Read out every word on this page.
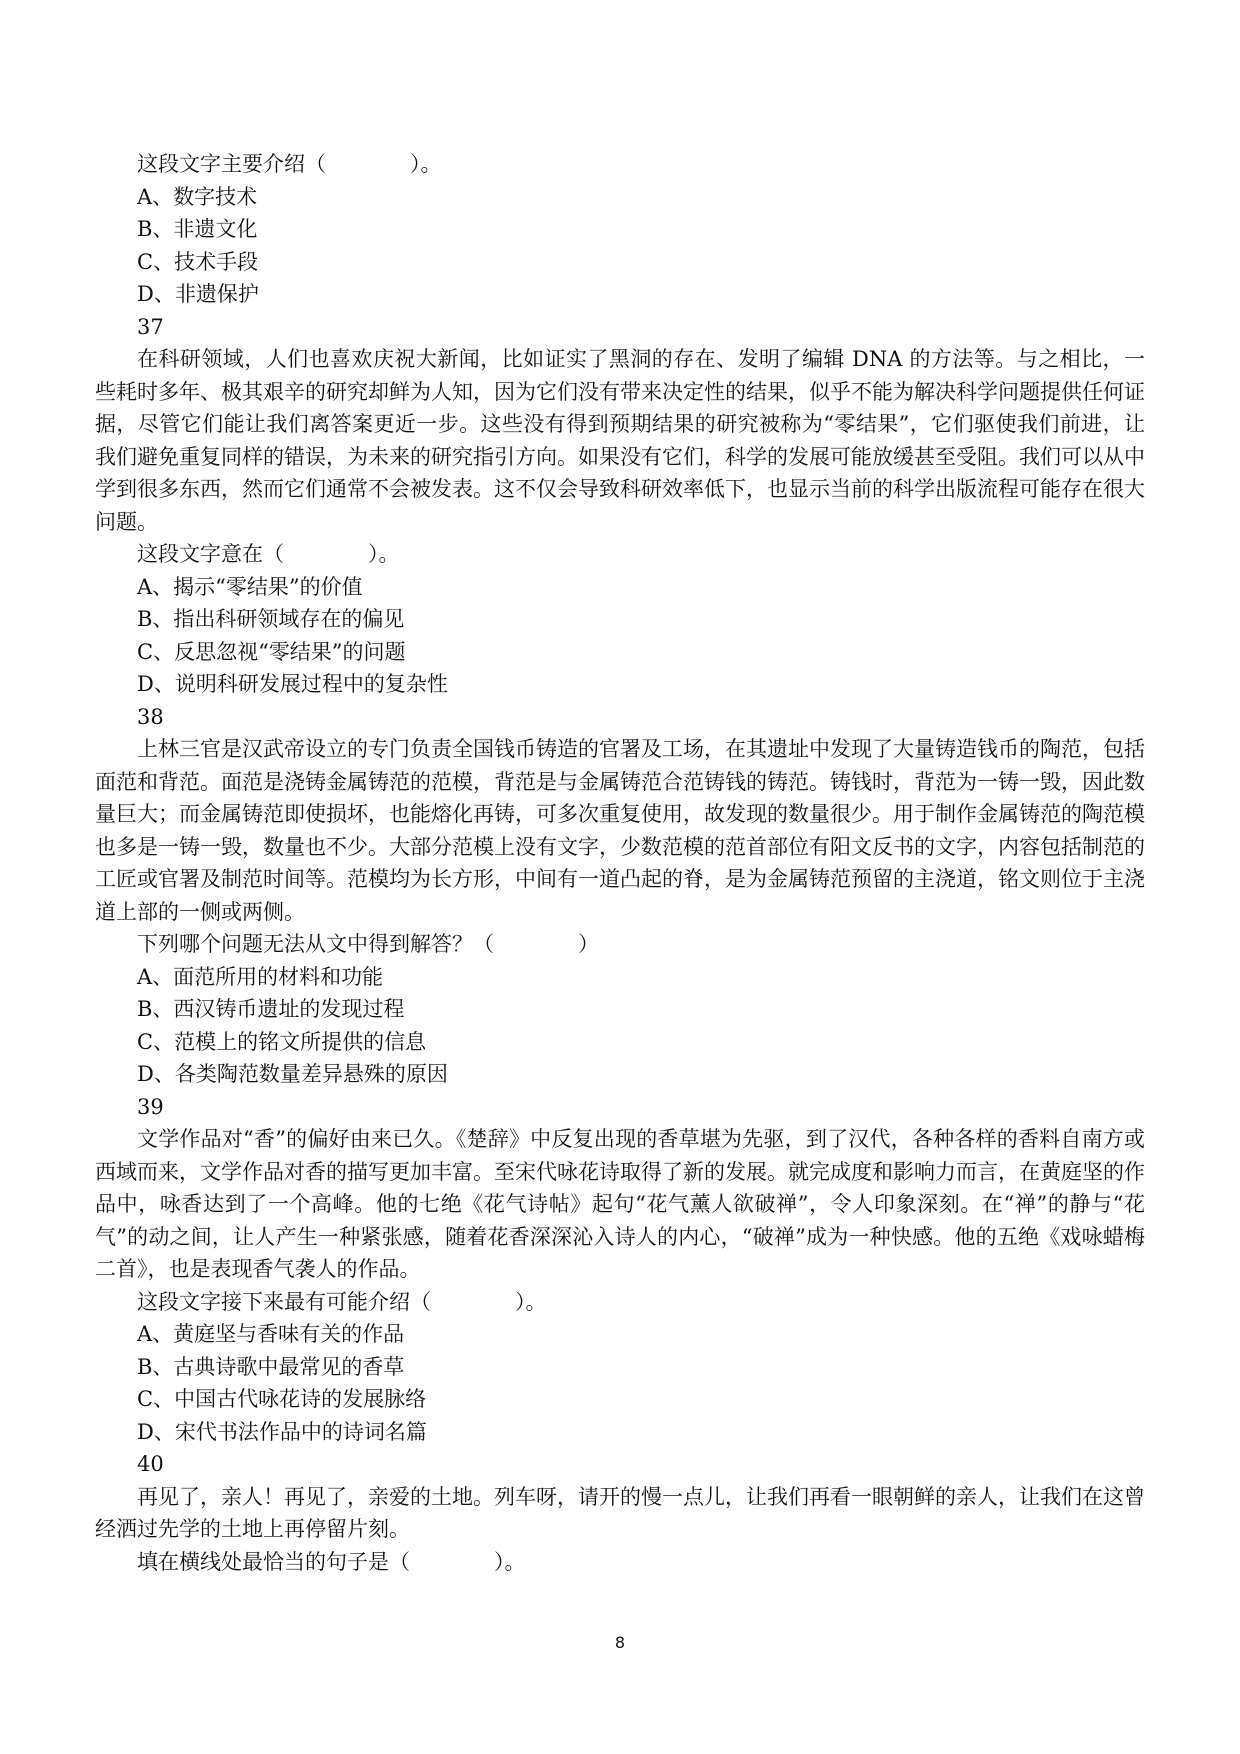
这段文字主要介绍（　　　　）。
A、数字技术
B、非遗文化
C、技术手段
D、非遗保护
37

在科研领域，人们也喜欢庆祝大新闻，比如证实了黑洞的存在、发明了编辑 DNA 的方法等。与之相比，一些耗时多年、极其艰辛的研究却鲜为人知，因为它们没有带来决定性的结果，似乎不能为解决科学问题提供任何证据，尽管它们能让我们离答案更近一步。这些没有得到预期结果的研究被称为“零结果”，它们驱使我们前进，让我们避免重复同样的错误，为未来的研究指引方向。如果没有它们，科学的发展可能放缓甚至受阻。我们可以从中学到很多东西，然而它们通常不会被发表。这不仅会导致科研效率低下，也显示当前的科学出版流程可能存在很大问题。

这段文字意在（　　　　）。
A、揭示“零结果”的价值
B、指出科研领域存在的偏见
C、反思忽视“零结果”的问题
D、说明科研发展过程中的复杂性
38

上林三官是汉武帝设立的专门负责全国钱币铸造的官署及工场，在其遗址中发现了大量铸造钱币的陶范，包括面范和背范。面范是浇铸金属铸范的范模，背范是与金属铸范合范铸钱的铸范。铸钱时，背范为一铸一毁，因此数量巨大；而金属铸范即使损坏，也能熔化再铸，可多次重复使用，故发现的数量很少。用于制作金属铸范的陶范模也多是一铸一毁，数量也不少。大部分范模上没有文字，少数范模的范首部位有阳文反书的文字，内容包括制范的工匠或官署及制范时间等。范模均为长方形，中间有一道凸起的脊，是为金属铸范预留的主浇道，铭文则位于主浇道上部的一侧或两侧。

下列哪个问题无法从文中得到解答？（　　　　）
A、面范所用的材料和功能
B、西汉铸币遗址的发现过程
C、范模上的铭文所提供的信息
D、各类陶范数量差异悬殊的原因
39

文学作品对“香”的偏好由来已久。《楚辞》中反复出现的香草堪为先驱，到了汉代，各种各样的香料自南方或西域而来，文学作品对香的描写更加丰富。至宋代咏花诗取得了新的发展。就完成度和影响力而言，在黄庭坚的作品中，咏香达到了一个高峰。他的七绝《花气诗帖》起句“花气薰人欲破禅”，令人印象深刻。在“禅”的静与“花气”的动之间，让人产生一种紧张感，随着花香深深沁入诗人的内心，“破禅”成为一种快感。他的五绝《戏咏蜡梅二首》，也是表现香气袭人的作品。

这段文字接下来最有可能介绍（　　　　）。
A、黄庭坚与香味有关的作品
B、古典诗歌中最常见的香草
C、中国古代咏花诗的发展脉络
D、宋代书法作品中的诗词名篇
40

再见了，亲人！再见了，亲爱的土地。列车呀，请开的慢一点儿，让我们再看一眼朝鲜的亲人，让我们在这曾经洒过先学的土地上再停留片刻。

填在横线处最恰当的句子是（　　　　）。
8
